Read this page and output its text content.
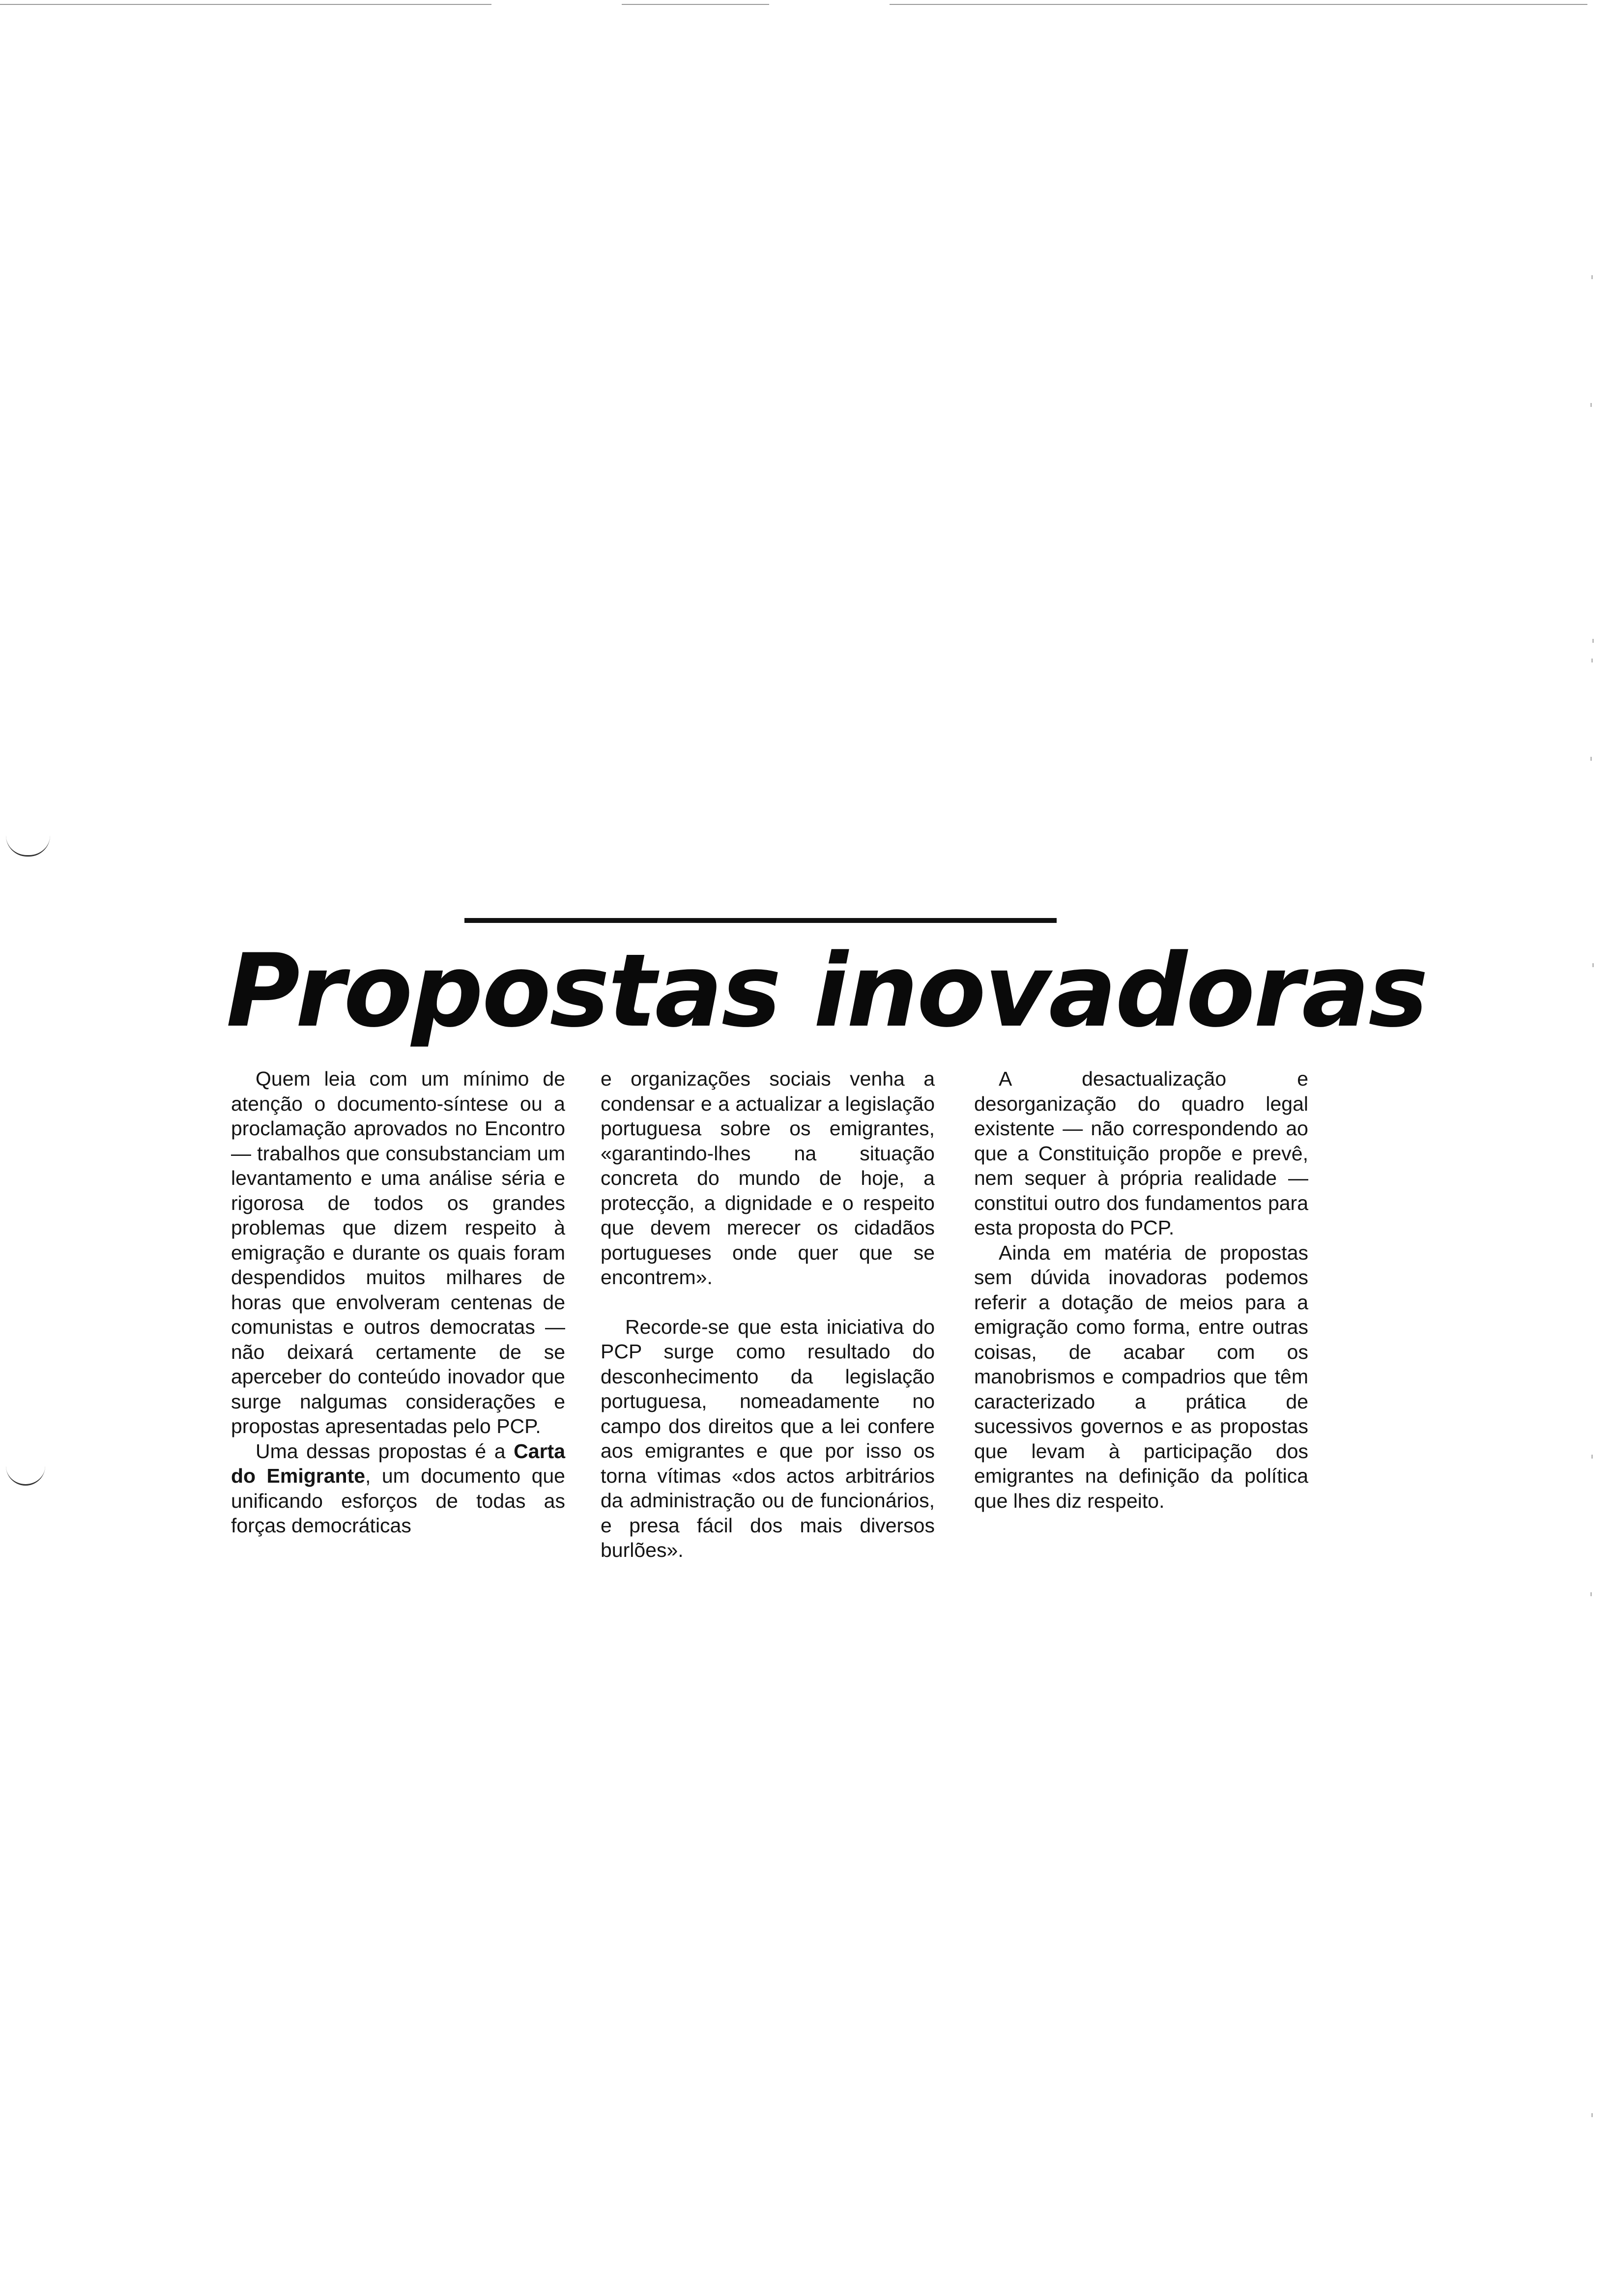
Propostas inovadoras

Quem leia com um mínimo de atenção o documento-síntese ou a proclamação aprovados no Encontro — trabalhos que consubstanciam um levantamento e uma análise séria e rigorosa de todos os grandes problemas que dizem respeito à emigração e durante os quais foram despendidos muitos milhares de horas que envolveram centenas de comunistas e outros democratas — não deixará certamente de se aperceber do conteúdo inovador que surge nalgumas considerações e propostas apresentadas pelo PCP.

Uma dessas propostas é a Carta do Emigrante, um documento que unificando esforços de todas as forças democráticas

e organizações sociais venha a condensar e a actualizar a legislação portuguesa sobre os emigrantes, «garantindo-lhes na situação concreta do mundo de hoje, a protecção, a dignidade e o respeito que devem merecer os cidadãos portugueses onde quer que se encontrem».

Recorde-se que esta iniciativa do PCP surge como resultado do desconhecimento da legislação portuguesa, nomeadamente no campo dos direitos que a lei confere aos emigrantes e que por isso os torna vítimas «dos actos arbitrários da administração ou de funcionários, e presa fácil dos mais diversos burlões».

A desactualização e desorganização do quadro legal existente — não correspondendo ao que a Constituição propõe e prevê, nem sequer à própria realidade — constitui outro dos fundamentos para esta proposta do PCP.

Ainda em matéria de propostas sem dúvida inovadoras podemos referir a dotação de meios para a emigração como forma, entre outras coisas, de acabar com os manobrismos e compadrios que têm caracterizado a prática de sucessivos governos e as propostas que levam à participação dos emigrantes na definição da política que lhes diz respeito.
